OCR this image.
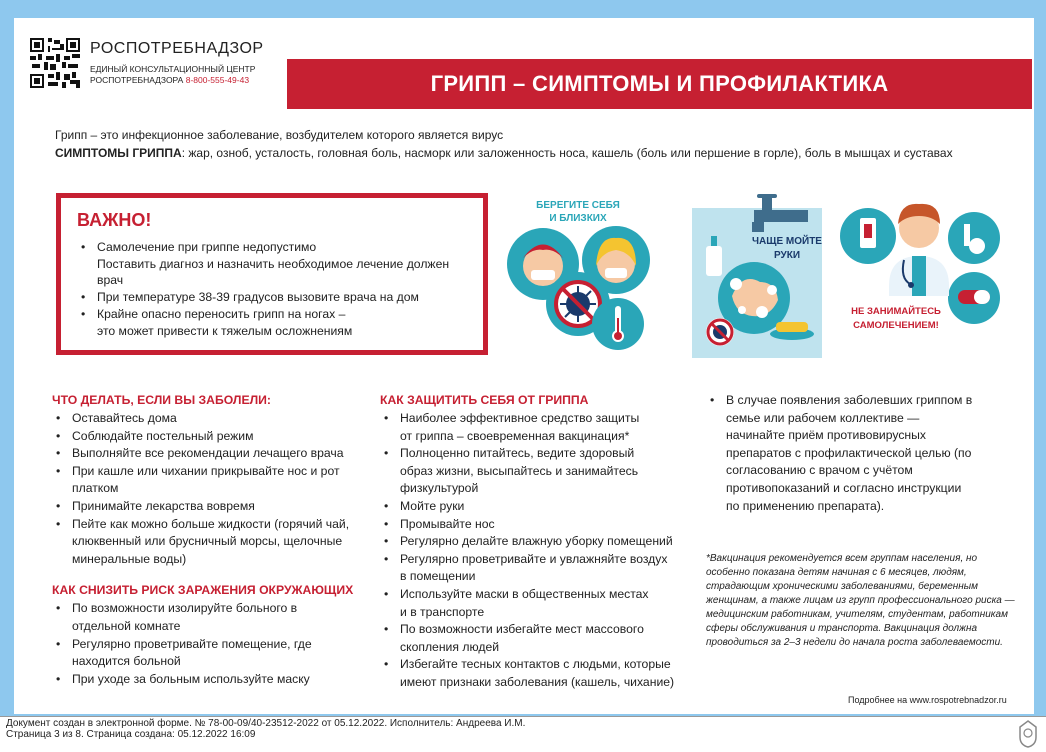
РОСПОТРЕБНАДЗОР
ЕДИНЫЙ КОНСУЛЬТАЦИОННЫЙ ЦЕНТР
РОСПОТРЕБНАДЗОРА 8-800-555-49-43	ГРИПП – СИМПТОМЫ И ПРОФИЛАКТИКА
Грипп – это инфекционное заболевание, возбудителем которого является вирус
СИМПТОМЫ ГРИППА: жар, озноб, усталость, головная боль, насморк или заложенность носа, кашель (боль или першение в горле), боль в мышцах и суставах
ВАЖНО!
• Самолечение при гриппе недопустимо
Поставить диагноз и назначить необходимое лечение должен врач
• При температуре 38-39 градусов вызовите врача на дом
• Крайне опасно переносить грипп на ногах –
это может привести к тяжелым осложнениям
БЕРЕГИТЕ СЕБЯ
И БЛИЗКИХ
ЧАЩЕ МОЙТЕ
РУКИ
НЕ ЗАНИМАЙТЕСЬ
САМОЛЕЧЕНИЕМ!
ЧТО ДЕЛАТЬ, ЕСЛИ ВЫ ЗАБОЛЕЛИ:
• Оставайтесь дома
• Соблюдайте постельный режим
• Выполняйте все рекомендации лечащего врача
• При кашле или чихании прикрывайте нос и рот платком
• Принимайте лекарства вовремя
• Пейте как можно больше жидкости (горячий чай, клюквенный или брусничный морсы, щелочные минеральные воды)
КАК СНИЗИТЬ РИСК ЗАРАЖЕНИЯ ОКРУЖАЮЩИХ
• По возможности изолируйте больного в отдельной комнате
• Регулярно проветривайте помещение, где находится больной
• При уходе за больным используйте маску
КАК ЗАЩИТИТЬ СЕБЯ ОТ ГРИППА
• Наиболее эффективное средство защиты от гриппа – своевременная вакцинация*
• Полноценно питайтесь, ведите здоровый образ жизни, высыпайтесь и занимайтесь физкультурой
• Мойте руки
• Промывайте нос
• Регулярно делайте влажную уборку помещений
• Регулярно проветривайте и увлажняйте воздух в помещении
• Используйте маски в общественных местах и в транспорте
• По возможности избегайте мест массового скопления людей
• Избегайте тесных контактов с людьми, которые имеют признаки заболевания (кашель, чихание)
• В случае появления заболевших гриппом в семье или рабочем коллективе — начинайте приём противовирусных препаратов с профилактической целью (по согласованию с врачом с учётом противопоказаний и согласно инструкции по применению препарата).
*Вакцинация рекомендуется всем группам населения, но особенно показана детям начиная с 6 месяцев, людям, страдающим хроническими заболеваниями, беременным женщинам, а также лицам из групп профессионального риска — медицинским работникам, учителям, студентам, работникам сферы обслуживания и транспорта. Вакцинация должна проводиться за 2–3 недели до начала роста заболеваемости.
Подробнее на www.rospotrebnadzor.ru
Документ создан в электронной форме. № 78-00-09/40-23512-2022 от 05.12.2022. Исполнитель: Андреева И.М.
Страница 3 из 8. Страница создана: 05.12.2022 16:09
